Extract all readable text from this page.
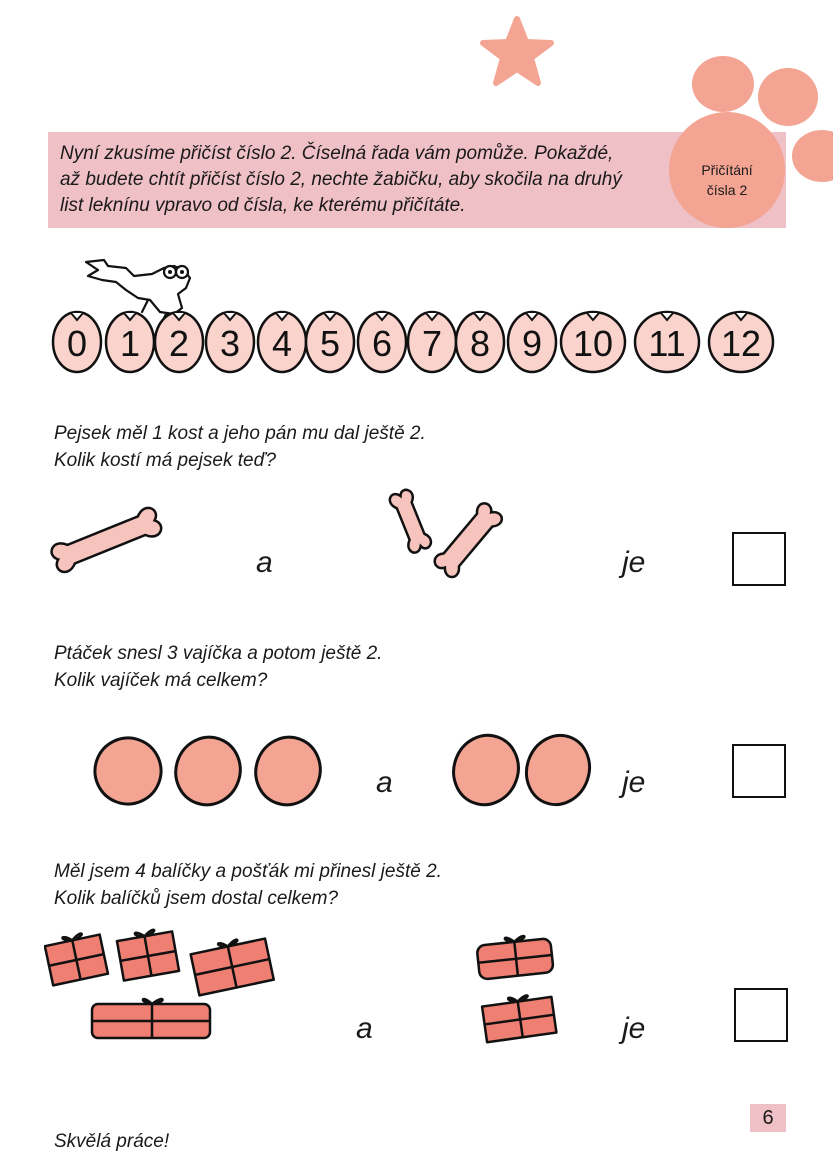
Nyní zkusíme přičíst číslo 2. Číselná řada vám pomůže. Pokaždé,
až budete chtít přičíst číslo 2, nechte žabičku, aby skočila na druhý
list leknínu vpravo od čísla, ke kterému přičítáte.
Přičítání
čísla 2
0 1 2 3 4 5 6 7 8 9 10 11 12
Pejsek měl 1 kost a jeho pán mu dal ještě 2.
Kolik kostí má pejsek teď?
a	je
Ptáček snesl 3 vajíčka a potom ještě 2.
Kolik vajíček má celkem?
a	je
Měl jsem 4 balíčky a pošťák mi přinesl ještě 2.
Kolik balíčků jsem dostal celkem?
a	je
6
Skvělá práce!
